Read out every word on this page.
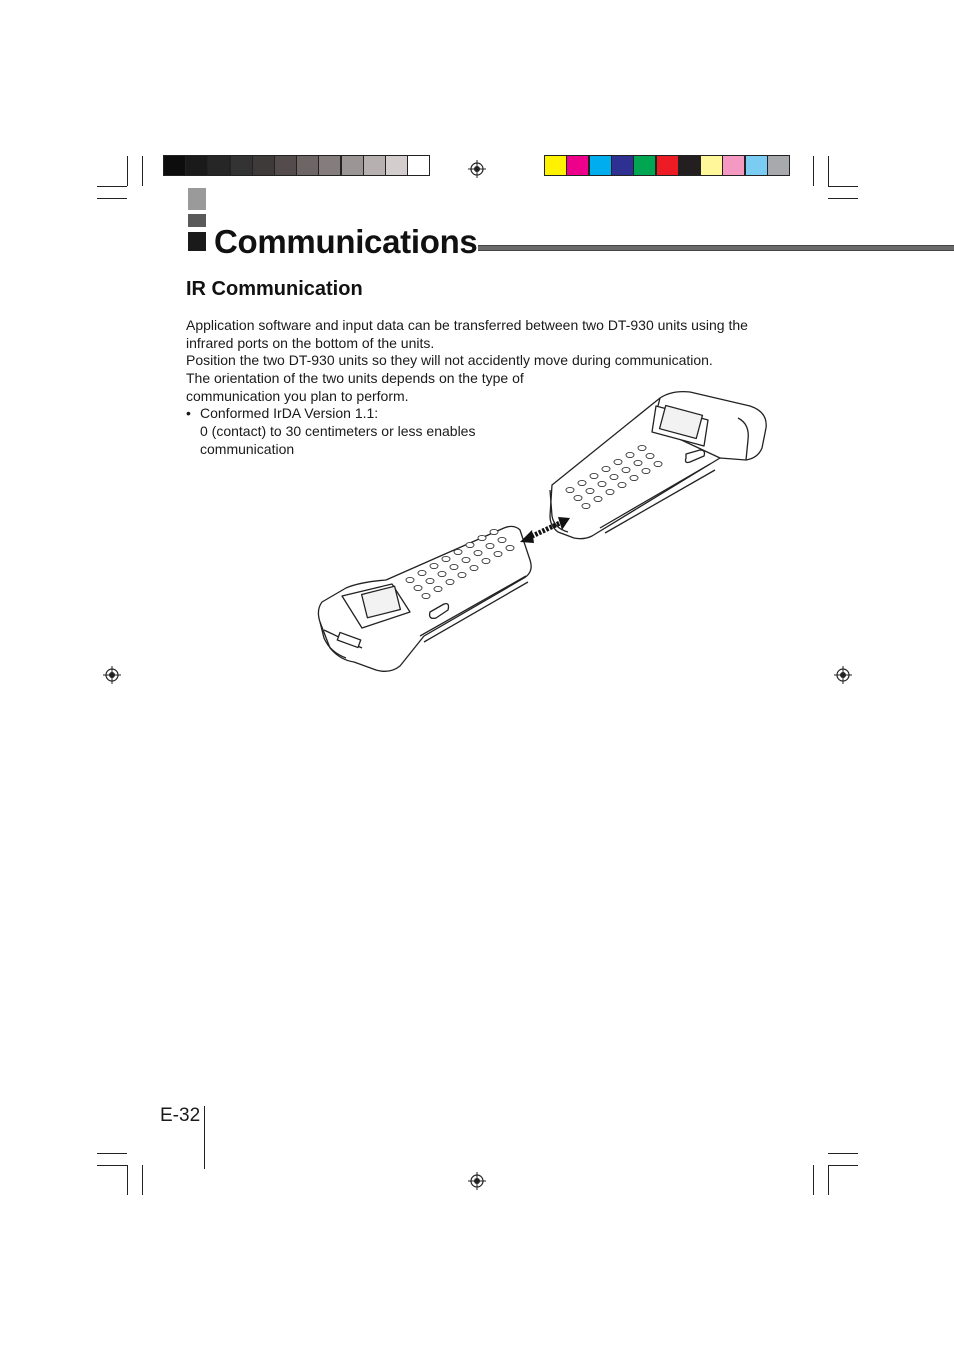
Communications
IR Communication
Application software and input data can be transferred between two DT-930 units using the
infrared ports on the bottom of the units.
Position the two DT-930 units so they will not accidently move during communication.
The orientation of the two units depends on the type of
communication you plan to perform.
• Conformed IrDA Version 1.1:
0 (contact) to 30 centimeters or less enables
communication
E-32
